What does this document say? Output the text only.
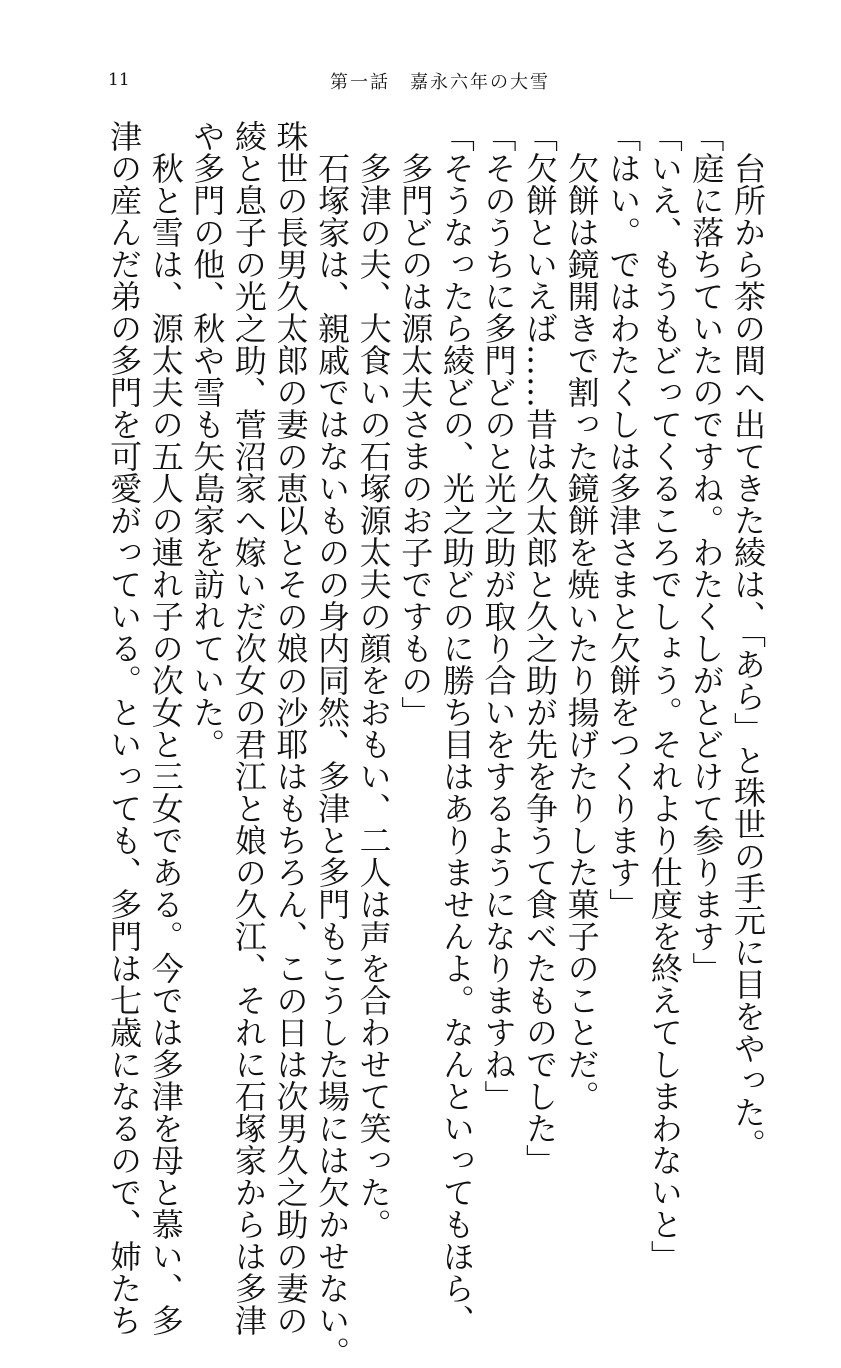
11	第一話　嘉永六年の大雪
台所から茶の間へ出てきた綾は、「あら」と珠世の手元に目をやった。
「庭に落ちていたのですね。わたくしがとどけて参ります」
「いえ、もうもどってくるころでしょう。それより仕度を終えてしまわないと」
「はい。ではわたくしは多津さまと欠餅をつくります」
欠餅は鏡開きで割った鏡餅を焼いたり揚げたりした菓子のことだ。
「欠餅といえば……昔は久太郎と久之助が先を争うて食べたものでした」
「そのうちに多門どのと光之助が取り合いをするようになりますね」
「そうなったら綾どの、光之助どのに勝ち目はありませんよ。なんといってもほら、
多門どのは源太夫さまのお子ですもの」
多津の夫、大食いの石塚源太夫の顔をおもい、二人は声を合わせて笑った。
石塚家は、親戚ではないものの身内同然、多津と多門もこうした場には欠かせない。
珠世の長男久太郎の妻の恵以とその娘の沙耶はもちろん、この日は次男久之助の妻の
綾と息子の光之助、菅沼家へ嫁いだ次女の君江と娘の久江、それに石塚家からは多津
や多門の他、秋や雪も矢島家を訪れていた。
秋と雪は、源太夫の五人の連れ子の次女と三女である。今では多津を母と慕い、多
津の産んだ弟の多門を可愛がっている。といっても、多門は七歳になるので、姉たち
